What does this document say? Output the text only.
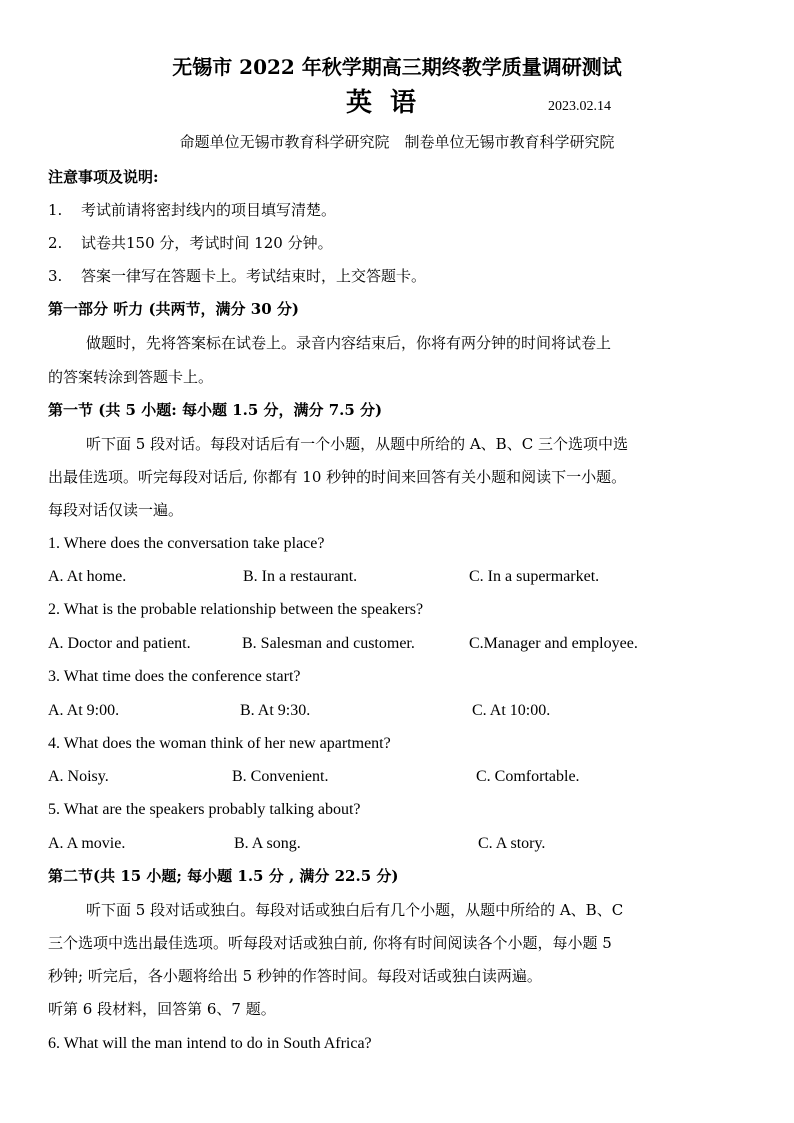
无锡市 2022 年秋学期高三期终教学质量调研测试
英语	2023.02.14
命题单位无锡市教育科学研究院　制卷单位无锡市教育科学研究院
注意事项及说明:
1. 考试前请将密封线内的项目填写清楚。
2. 试卷共150 分，考试时间 120 分钟。
3. 答案一律写在答题卡上。考试结束时，上交答题卡。
第一部分 听力 (共两节，满分 30 分)
做题时，先将答案标在试卷上。录音内容结束后，你将有两分钟的时间将试卷上
的答案转涂到答题卡上。
第一节 (共 5 小题: 每小题 1.5 分，满分 7.5 分)
听下面 5 段对话。每段对话后有一个小题，从题中所给的 A、B、C 三个选项中选
出最佳选项。听完每段对话后, 你都有 10 秒钟的时间来回答有关小题和阅读下一小题。
每段对话仅读一遍。
1. Where does the conversation take place?
A. At home.	B. In a restaurant.	C. In a supermarket.
2. What is the probable relationship between the speakers?
A. Doctor and patient.	B. Salesman and customer.	C.Manager and employee.
3. What time does the conference start?
A. At 9:00.	B. At 9:30.	C. At 10:00.
4. What does the woman think of her new apartment?
A. Noisy.	B. Convenient.	C. Comfortable.
5. What are the speakers probably talking about?
A. A movie.	B. A song.	C. A story.
第二节(共 15 小题; 每小题 1.5 分 , 满分 22.5 分)
听下面 5 段对话或独白。每段对话或独白后有几个小题，从题中所给的 A、B、C
三个选项中选出最佳选项。听每段对话或独白前, 你将有时间阅读各个小题，每小题 5
秒钟; 听完后，各小题将给出 5 秒钟的作答时间。每段对话或独白读两遍。
听第 6 段材料，回答第 6、7 题。
6. What will the man intend to do in South Africa?
